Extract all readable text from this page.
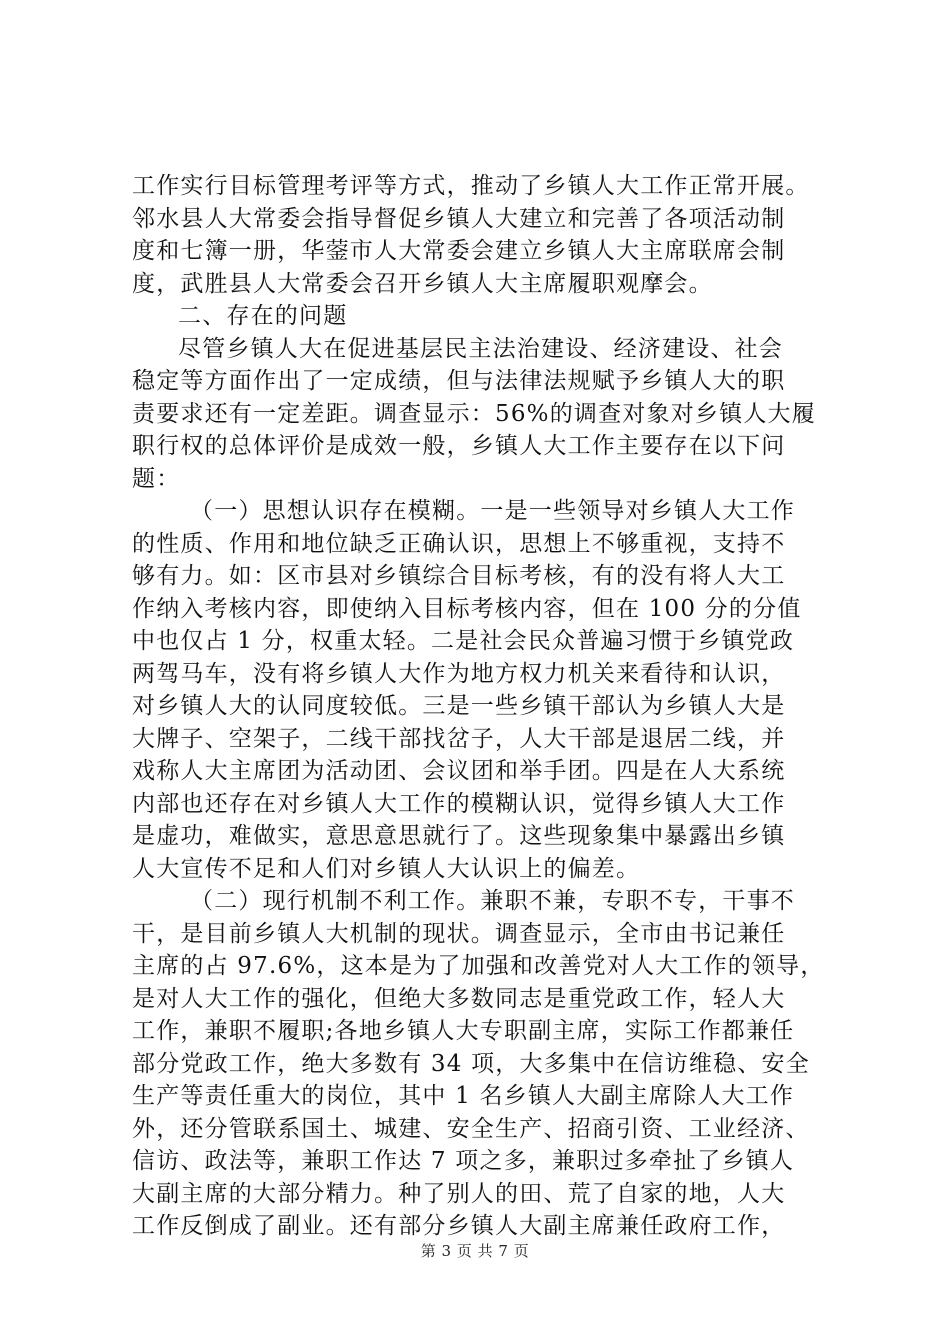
工作实行目标管理考评等方式，推动了乡镇人大工作正常开展。
邻水县人大常委会指导督促乡镇人大建立和完善了各项活动制
度和七簿一册，华蓥市人大常委会建立乡镇人大主席联席会制
度，武胜县人大常委会召开乡镇人大主席履职观摩会。
二、存在的问题
尽管乡镇人大在促进基层民主法治建设、经济建设、社会
稳定等方面作出了一定成绩，但与法律法规赋予乡镇人大的职
责要求还有一定差距。调查显示：56%的调查对象对乡镇人大履
职行权的总体评价是成效一般，乡镇人大工作主要存在以下问
题：
（一）思想认识存在模糊。一是一些领导对乡镇人大工作
的性质、作用和地位缺乏正确认识，思想上不够重视，支持不
够有力。如：区市县对乡镇综合目标考核，有的没有将人大工
作纳入考核内容，即使纳入目标考核内容，但在 100 分的分值
中也仅占 1 分，权重太轻。二是社会民众普遍习惯于乡镇党政
两驾马车，没有将乡镇人大作为地方权力机关来看待和认识，
对乡镇人大的认同度较低。三是一些乡镇干部认为乡镇人大是
大牌子、空架子，二线干部找岔子，人大干部是退居二线，并
戏称人大主席团为活动团、会议团和举手团。四是在人大系统
内部也还存在对乡镇人大工作的模糊认识，觉得乡镇人大工作
是虚功，难做实，意思意思就行了。这些现象集中暴露出乡镇
人大宣传不足和人们对乡镇人大认识上的偏差。
（二）现行机制不利工作。兼职不兼，专职不专，干事不
干，是目前乡镇人大机制的现状。调查显示，全市由书记兼任
主席的占 97.6%，这本是为了加强和改善党对人大工作的领导，
是对人大工作的强化，但绝大多数同志是重党政工作，轻人大
工作，兼职不履职;各地乡镇人大专职副主席，实际工作都兼任
部分党政工作，绝大多数有 34 项，大多集中在信访维稳、安全
生产等责任重大的岗位，其中 1 名乡镇人大副主席除人大工作
外，还分管联系国土、城建、安全生产、招商引资、工业经济、
信访、政法等，兼职工作达 7 项之多，兼职过多牵扯了乡镇人
大副主席的大部分精力。种了别人的田、荒了自家的地，人大
工作反倒成了副业。还有部分乡镇人大副主席兼任政府工作，
第 3 页 共 7 页
